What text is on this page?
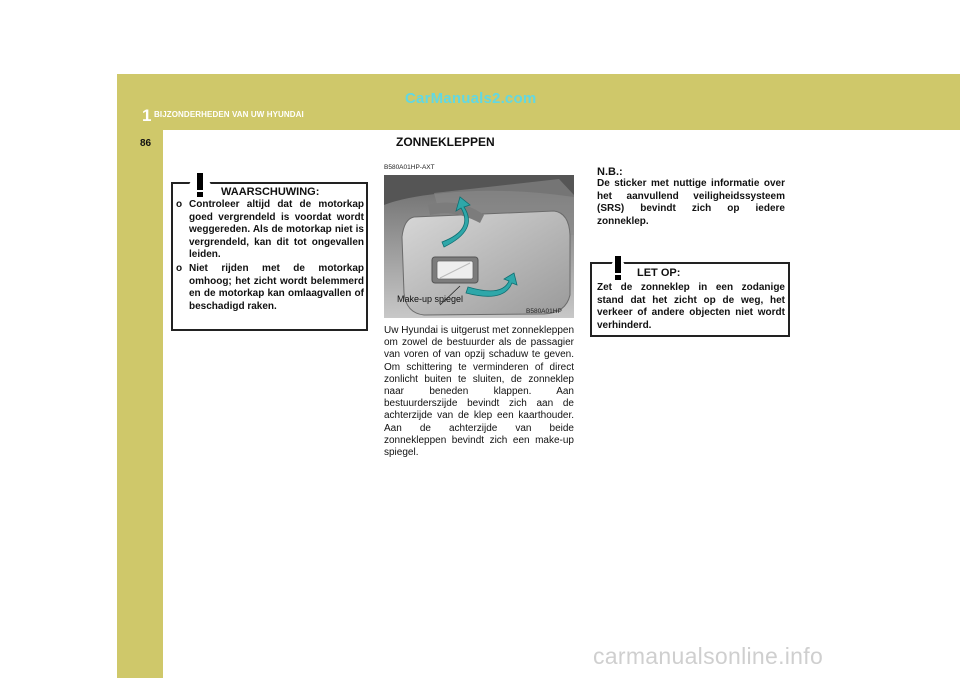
1 BIJZONDERHEDEN VAN UW HYUNDAI
CarManuals2.com
86	ZONNEKLEPPEN
WAARSCHUWING:
o Controleer altijd dat de motorkap goed vergrendeld is voordat wordt weggereden. Als de motorkap niet is vergrendeld, kan dit tot ongevallen leiden.
o Niet rijden met de motorkap omhoog; het zicht wordt belemmerd en de motorkap kan omlaagvallen of beschadigd raken.
B580A01HP-AXT
Make-up spiegel
B580A01HP
Uw Hyundai is uitgerust met zonnekleppen om zowel de bestuurder als de passagier van voren of van opzij schaduw te geven. Om schittering te verminderen of direct zonlicht buiten te sluiten, de zonneklep naar beneden klappen. Aan bestuurderszijde bevindt zich aan de achterzijde van de klep een kaarthouder. Aan de achterzijde van beide zonnekleppen bevindt zich een make-up spiegel.
N.B.:
De sticker met nuttige informatie over het aanvullend veiligheidssysteem (SRS) bevindt zich op iedere zonneklep.
LET OP:
Zet de zonneklep in een zodanige stand dat het zicht op de weg, het verkeer of andere objecten niet wordt verhinderd.
carmanualsonline.info
